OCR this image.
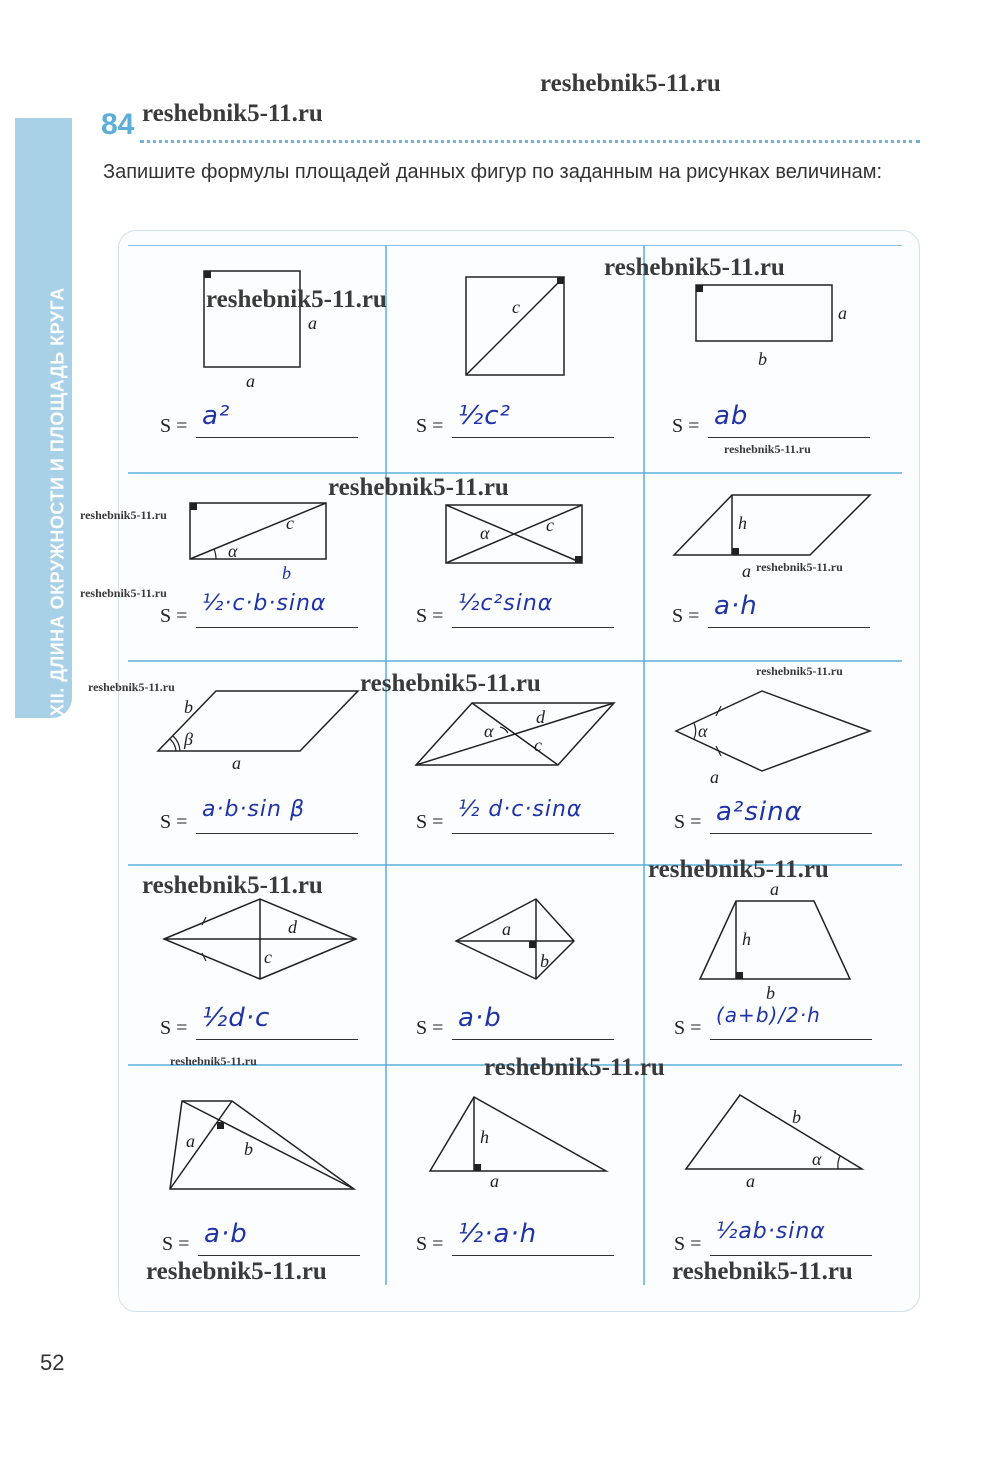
ГЛАВА XII. ДЛИНА ОКРУЖНОСТИ И ПЛОЩАДЬ КРУГА
84
Запишите формулы площадей данных фигур по заданным на рисунках величинам:
a
a
S = a²
c
S = ½c²
a
b
S = ab
c
α
b
S = ½·c·b·sinα
α	c
S = ½c²sinα
h
a
S = a·h
b
β
a
S = a·b·sin β
α
d
c
S = ½ d·c·sinα
α
a
S = a²sinα
d
c
S = ½d·c
a
b
S = a·b
a
h
b
S =
(a+b)/2·h
a	b
S = a·b
h
a
S = ½·a·h
b
α
a
S = ½ab·sinα
reshebnik5-11.ru
reshebnik5-11.ru
reshebnik5-11.ru
reshebnik5-11.ru
reshebnik5-11.ru
reshebnik5-11.ru
reshebnik5-11.ru
reshebnik5-11.ru
reshebnik5-11.ru
reshebnik5-11.ru
reshebnik5-11.ru	reshebnik5-11.ru
reshebnik5-11.ru
reshebnik5-11.ru
reshebnik5-11.ru	reshebnik5-11.ru
reshebnik5-11.ru	reshebnik5-11.ru
52
